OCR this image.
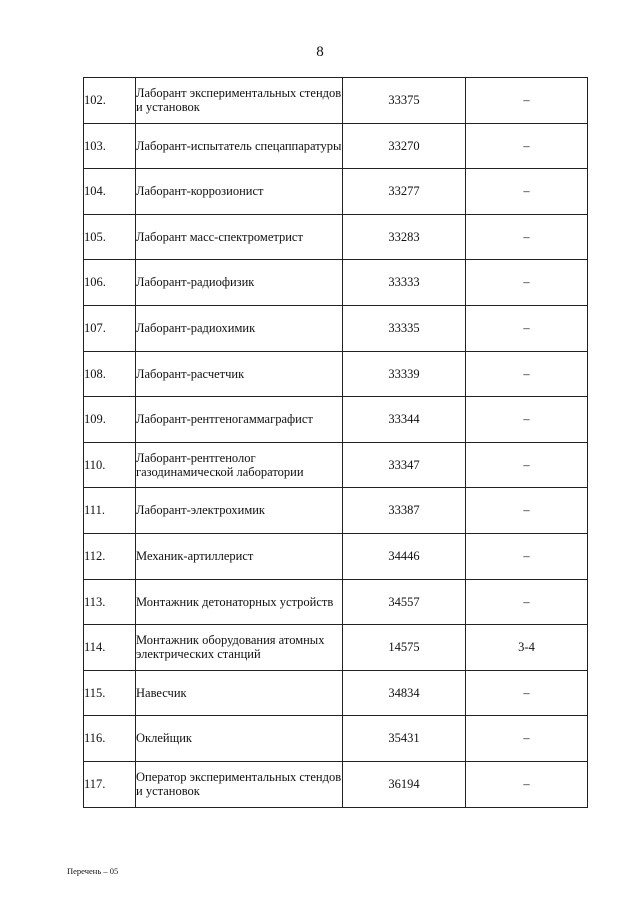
8
102.	Лаборант экспериментальных стендов и установок	33375	–
103.	Лаборант-испытатель спецаппаратуры	33270	–
104.	Лаборант-коррозионист	33277	–
105.	Лаборант масс-спектрометрист	33283	–
106.	Лаборант-радиофизик	33333	–
107.	Лаборант-радиохимик	33335	–
108.	Лаборант-расчетчик	33339	–
109.	Лаборант-рентгеногаммаграфист	33344	–
110.	Лаборант-рентгенолог газодинамической лаборатории	33347	–
111.	Лаборант-электрохимик	33387	–
112.	Механик-артиллерист	34446	–
113.	Монтажник детонаторных устройств	34557	–
114.	Монтажник оборудования атомных электрических станций	14575	3-4
115.	Навесчик	34834	–
116.	Оклейщик	35431	–
117.	Оператор экспериментальных стендов и установок	36194	–
Перечень – 05
